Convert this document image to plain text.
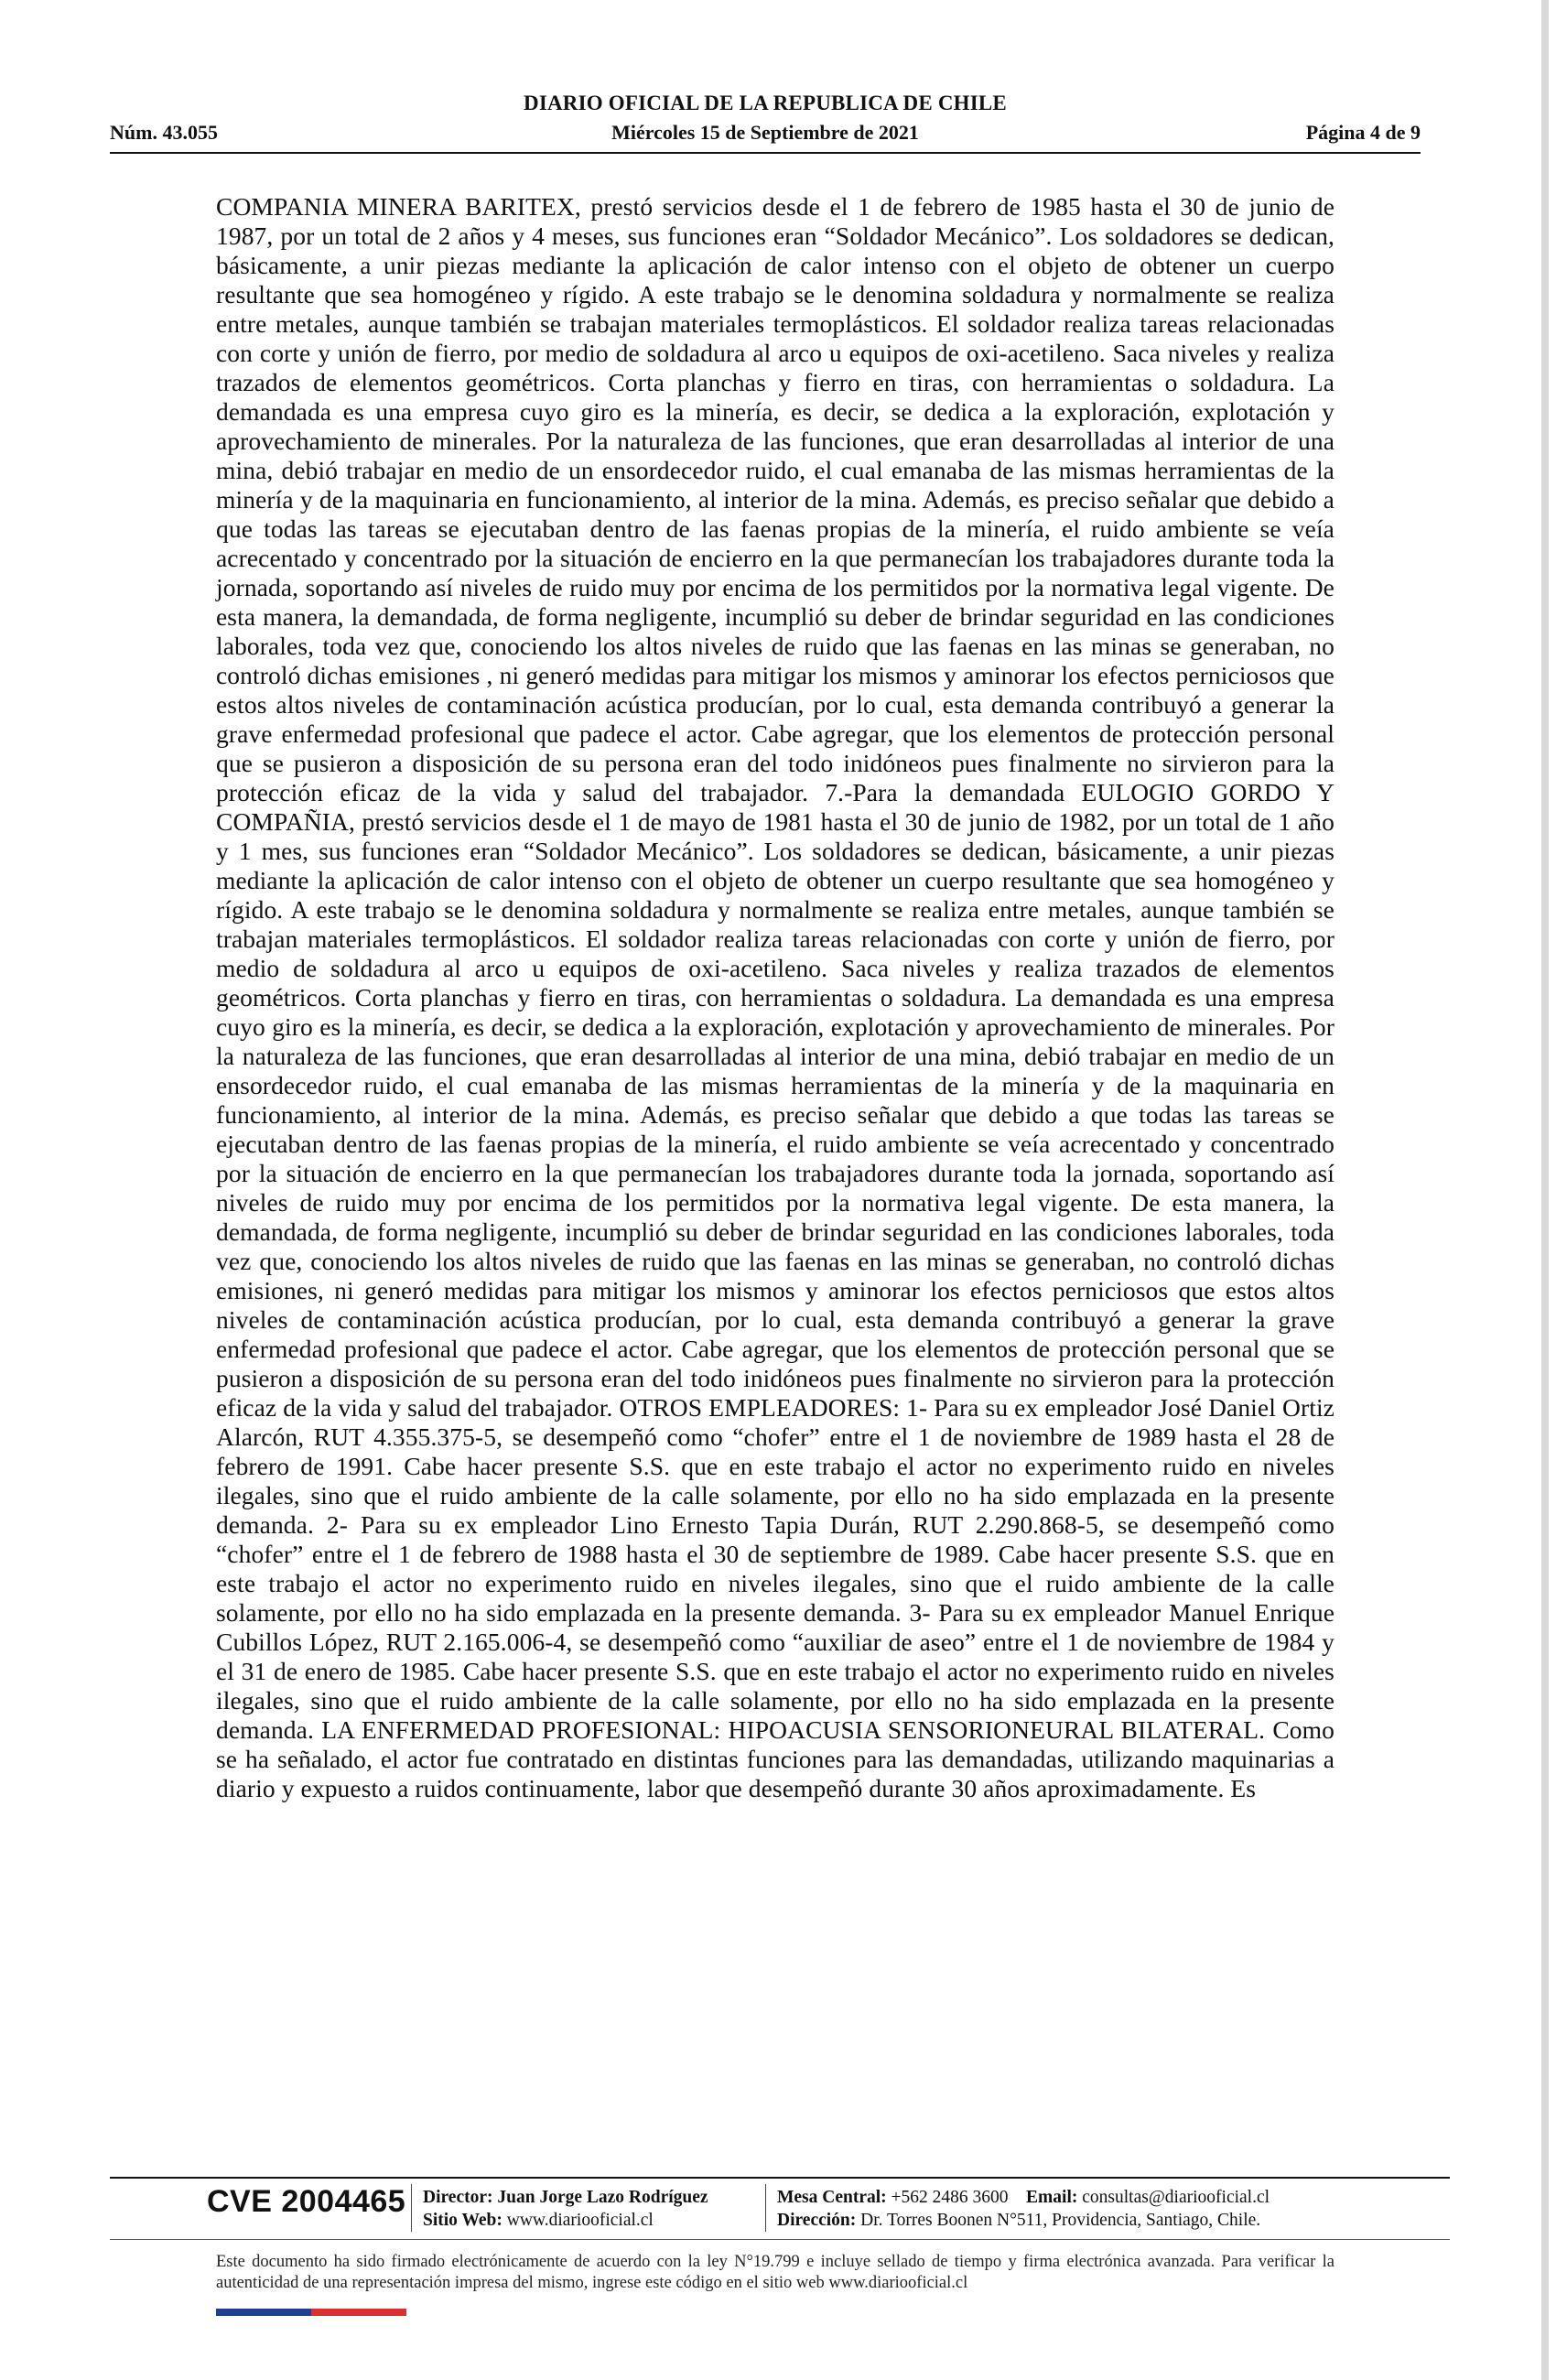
DIARIO OFICIAL DE LA REPUBLICA DE CHILE
Núm. 43.055	Miércoles 15 de Septiembre de 2021	Página 4 de 9

COMPANIA MINERA BARITEX, prestó servicios desde el 1 de febrero de 1985 hasta el 30 de junio de 1987, por un total de 2 años y 4 meses, sus funciones eran “Soldador Mecánico”. Los soldadores se dedican, básicamente, a unir piezas mediante la aplicación de calor intenso con el objeto de obtener un cuerpo resultante que sea homogéneo y rígido. A este trabajo se le denomina soldadura y normalmente se realiza entre metales, aunque también se trabajan materiales termoplásticos. El soldador realiza tareas relacionadas con corte y unión de fierro, por medio de soldadura al arco u equipos de oxi-acetileno. Saca niveles y realiza trazados de elementos geométricos. Corta planchas y fierro en tiras, con herramientas o soldadura. La demandada es una empresa cuyo giro es la minería, es decir, se dedica a la exploración, explotación y aprovechamiento de minerales. Por la naturaleza de las funciones, que eran desarrolladas al interior de una mina, debió trabajar en medio de un ensordecedor ruido, el cual emanaba de las mismas herramientas de la minería y de la maquinaria en funcionamiento, al interior de la mina. Además, es preciso señalar que debido a que todas las tareas se ejecutaban dentro de las faenas propias de la minería, el ruido ambiente se veía acrecentado y concentrado por la situación de encierro en la que permanecían los trabajadores durante toda la jornada, soportando así niveles de ruido muy por encima de los permitidos por la normativa legal vigente. De esta manera, la demandada, de forma negligente, incumplió su deber de brindar seguridad en las condiciones laborales, toda vez que, conociendo los altos niveles de ruido que las faenas en las minas se generaban, no controló dichas emisiones , ni generó medidas para mitigar los mismos y aminorar los efectos perniciosos que estos altos niveles de contaminación acústica producían, por lo cual, esta demanda contribuyó a generar la grave enfermedad profesional que padece el actor. Cabe agregar, que los elementos de protección personal que se pusieron a disposición de su persona eran del todo inidóneos pues finalmente no sirvieron para la protección eficaz de la vida y salud del trabajador. 7.-Para la demandada EULOGIO GORDO Y COMPAÑIA, prestó servicios desde el 1 de mayo de 1981 hasta el 30 de junio de 1982, por un total de 1 año y 1 mes, sus funciones eran “Soldador Mecánico”. Los soldadores se dedican, básicamente, a unir piezas mediante la aplicación de calor intenso con el objeto de obtener un cuerpo resultante que sea homogéneo y rígido. A este trabajo se le denomina soldadura y normalmente se realiza entre metales, aunque también se trabajan materiales termoplásticos. El soldador realiza tareas relacionadas con corte y unión de fierro, por medio de soldadura al arco u equipos de oxi-acetileno. Saca niveles y realiza trazados de elementos geométricos. Corta planchas y fierro en tiras, con herramientas o soldadura. La demandada es una empresa cuyo giro es la minería, es decir, se dedica a la exploración, explotación y aprovechamiento de minerales. Por la naturaleza de las funciones, que eran desarrolladas al interior de una mina, debió trabajar en medio de un ensordecedor ruido, el cual emanaba de las mismas herramientas de la minería y de la maquinaria en funcionamiento, al interior de la mina. Además, es preciso señalar que debido a que todas las tareas se ejecutaban dentro de las faenas propias de la minería, el ruido ambiente se veía acrecentado y concentrado por la situación de encierro en la que permanecían los trabajadores durante toda la jornada, soportando así niveles de ruido muy por encima de los permitidos por la normativa legal vigente. De esta manera, la demandada, de forma negligente, incumplió su deber de brindar seguridad en las condiciones laborales, toda vez que, conociendo los altos niveles de ruido que las faenas en las minas se generaban, no controló dichas emisiones, ni generó medidas para mitigar los mismos y aminorar los efectos perniciosos que estos altos niveles de contaminación acústica producían, por lo cual, esta demanda contribuyó a generar la grave enfermedad profesional que padece el actor. Cabe agregar, que los elementos de protección personal que se pusieron a disposición de su persona eran del todo inidóneos pues finalmente no sirvieron para la protección eficaz de la vida y salud del trabajador. OTROS EMPLEADORES: 1- Para su ex empleador José Daniel Ortiz Alarcón, RUT 4.355.375-5, se desempeñó como “chofer” entre el 1 de noviembre de 1989 hasta el 28 de febrero de 1991. Cabe hacer presente S.S. que en este trabajo el actor no experimento ruido en niveles ilegales, sino que el ruido ambiente de la calle solamente, por ello no ha sido emplazada en la presente demanda. 2- Para su ex empleador Lino Ernesto Tapia Durán, RUT 2.290.868-5, se desempeñó como “chofer” entre el 1 de febrero de 1988 hasta el 30 de septiembre de 1989. Cabe hacer presente S.S. que en este trabajo el actor no experimento ruido en niveles ilegales, sino que el ruido ambiente de la calle solamente, por ello no ha sido emplazada en la presente demanda. 3- Para su ex empleador Manuel Enrique Cubillos López, RUT 2.165.006-4, se desempeñó como “auxiliar de aseo” entre el 1 de noviembre de 1984 y el 31 de enero de 1985. Cabe hacer presente S.S. que en este trabajo el actor no experimento ruido en niveles ilegales, sino que el ruido ambiente de la calle solamente, por ello no ha sido emplazada en la presente demanda. LA ENFERMEDAD PROFESIONAL: HIPOACUSIA SENSORIONEURAL BILATERAL. Como se ha señalado, el actor fue contratado en distintas funciones para las demandadas, utilizando maquinarias a diario y expuesto a ruidos continuamente, labor que desempeñó durante 30 años aproximadamente. Es

CVE 2004465 Director: Juan Jorge Lazo Rodríguez
Sitio Web: www.diariooficial.cl
Mesa Central: +562 2486 3600 Email: consultas@diariooficial.cl
Dirección: Dr. Torres Boonen N°511, Providencia, Santiago, Chile.
Este documento ha sido firmado electrónicamente de acuerdo con la ley N°19.799 e incluye sellado de tiempo y firma electrónica avanzada. Para verificar la autenticidad de una representación impresa del mismo, ingrese este código en el sitio web www.diariooficial.cl
